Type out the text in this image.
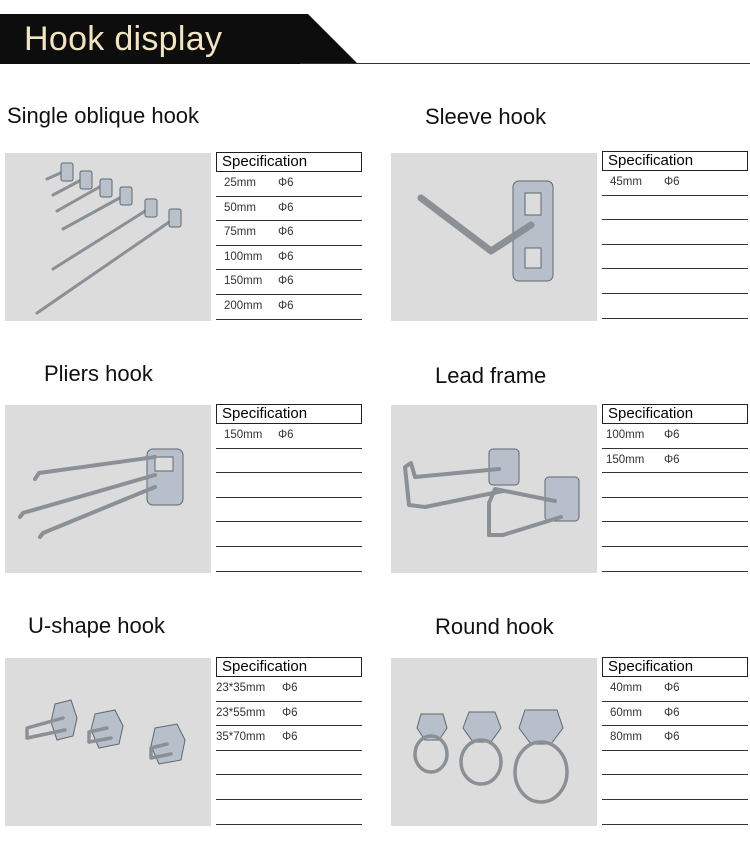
Hook display
Single oblique hook
Specification
25mm Φ6
50mm Φ6
75mm Φ6
100mm Φ6
150mm Φ6
200mm Φ6
Sleeve hook
Specification
45mm Φ6
Pliers hook
Specification
150mm Φ6
Lead frame
Specification
100mm Φ6
150mm Φ6
U-shape hook
Specification
23*35mm Φ6
23*55mm Φ6
35*70mm Φ6
Round hook
Specification
40mm Φ6
60mm Φ6
80mm Φ6
